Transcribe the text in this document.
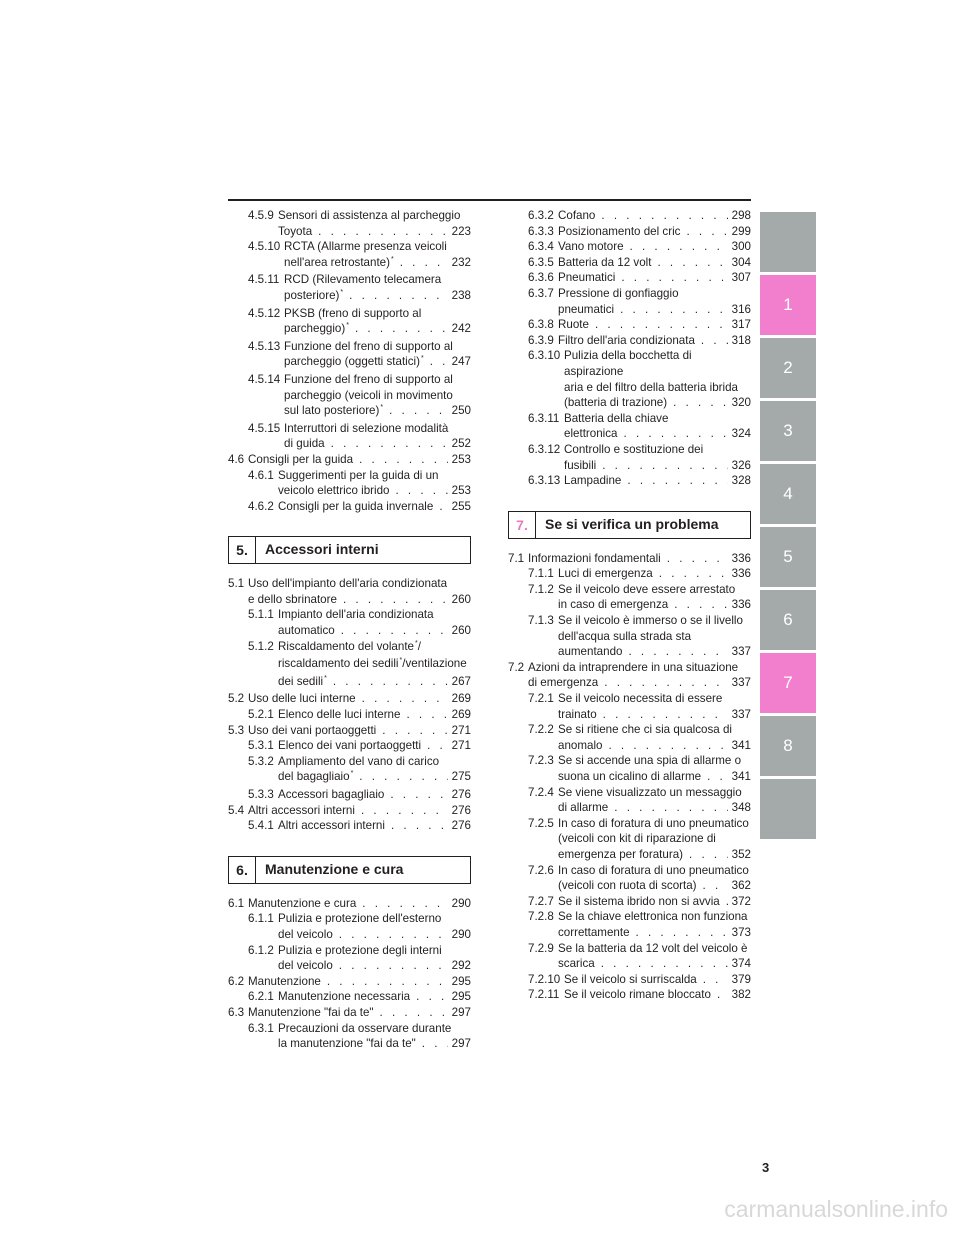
4.5.9 Sensori di assistenza al parcheggio
Toyota . . .	223
4.5.10 RCTA (Allarme presenza veicoli
nell'area retrostante)* . . .	232
4.5.11 RCD (Rilevamento telecamera
posteriore)* . . .	238
4.5.12 PKSB (freno di supporto al
parcheggio)* . . .	242
4.5.13 Funzione del freno di supporto al
parcheggio (oggetti statici)* . . . 247
4.5.14 Funzione del freno di supporto al
parcheggio (veicoli in movimento
sul lato posteriore)* . . .	250
4.5.15 Interruttori di selezione modalità
di guida . . .	252
4.6 Consigli per la guida . . .	253
4.6.1 Suggerimenti per la guida di un
veicolo elettrico ibrido . . .	253
4.6.2 Consigli per la guida invernale . . . 255
5.	Accessori interni
5.1 Uso dell'impianto dell'aria condizionata
e dello sbrinatore . . .	260
5.1.1 Impianto dell'aria condizionata
automatico . . .	260
5.1.2 Riscaldamento del volante*/
riscaldamento dei sedili*/ventilazione
dei sedili* . . .	267
5.2 Uso delle luci interne . . .	269
5.2.1 Elenco delle luci interne . . .	269
5.3 Uso dei vani portaoggetti . . .	271
5.3.1 Elenco dei vani portaoggetti . . .	271
5.3.2 Ampliamento del vano di carico
del bagagliaio* . . .	275
5.3.3 Accessori bagagliaio . . .	276
5.4 Altri accessori interni . . .	276
5.4.1 Altri accessori interni . . .	276
6.	Manutenzione e cura
6.1 Manutenzione e cura . . .	290
6.1.1 Pulizia e protezione dell'esterno
del veicolo . . .	290
6.1.2 Pulizia e protezione degli interni
del veicolo . . .	292
6.2 Manutenzione . . .	295
6.2.1 Manutenzione necessaria . . .	295
6.3 Manutenzione "fai da te" . . .	297
6.3.1 Precauzioni da osservare durante
la manutenzione "fai da te" . . .	297
6.3.2 Cofano . . .	298
6.3.3 Posizionamento del cric . . .	299
6.3.4 Vano motore . . .	300
6.3.5 Batteria da 12 volt . . .	304
6.3.6 Pneumatici . . .	307
6.3.7 Pressione di gonfiaggio
pneumatici . . .	316
6.3.8 Ruote . . .	317
6.3.9 Filtro dell'aria condizionata . . .	318
6.3.10 Pulizia della bocchetta di aspirazione
aria e del filtro della batteria ibrida
(batteria di trazione) . . .	320
6.3.11 Batteria della chiave
elettronica . . .	324
6.3.12 Controllo e sostituzione dei
fusibili . . .	326
6.3.13 Lampadine . . .	328
7.	Se si verifica un problema
7.1 Informazioni fondamentali . . .	336
7.1.1 Luci di emergenza . . .	336
7.1.2 Se il veicolo deve essere arrestato
in caso di emergenza . . .	336
7.1.3 Se il veicolo è immerso o se il livello
dell'acqua sulla strada sta
aumentando . . .	337
7.2 Azioni da intraprendere in una situazione
di emergenza . . .	337
7.2.1 Se il veicolo necessita di essere
trainato . . .	337
7.2.2 Se si ritiene che ci sia qualcosa di
anomalo . . .	341
7.2.3 Se si accende una spia di allarme o
suona un cicalino di allarme . . .	341
7.2.4 Se viene visualizzato un messaggio
di allarme . . .	348
7.2.5 In caso di foratura di uno pneumatico
(veicoli con kit di riparazione di
emergenza per foratura) . . .	352
7.2.6 In caso di foratura di uno pneumatico
(veicoli con ruota di scorta) . . .	362
7.2.7 Se il sistema ibrido non si avvia . . . 372
7.2.8 Se la chiave elettronica non funziona
correttamente . . .	373
7.2.9 Se la batteria da 12 volt del veicolo è
scarica . . .	374
7.2.10 Se il veicolo si surriscalda . . .	379
7.2.11 Se il veicolo rimane bloccato . . . 382
1
2
3
4
5
6
7
8
3
carmanualsonline.info
